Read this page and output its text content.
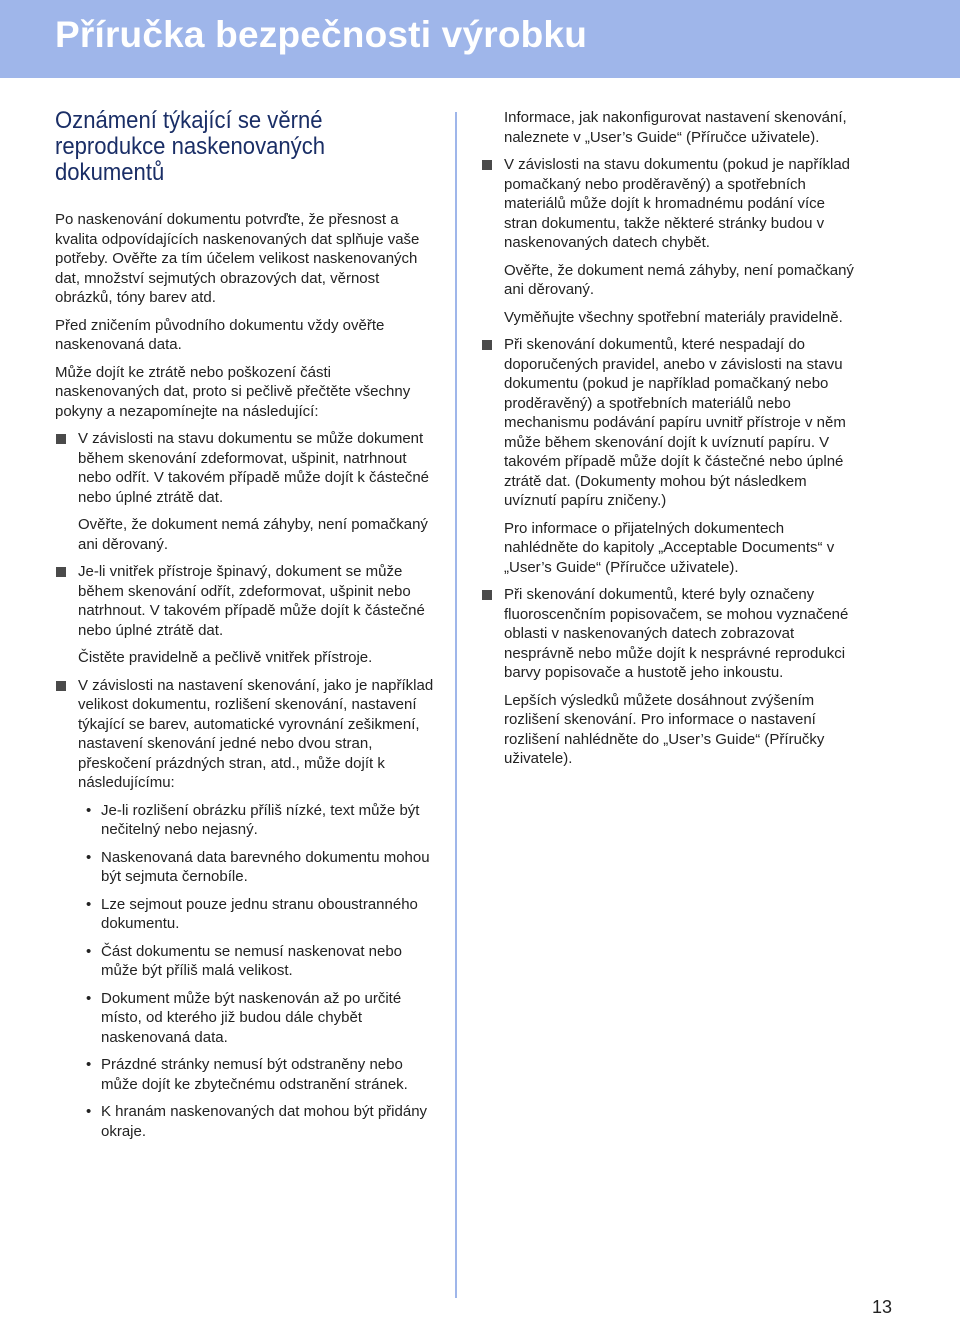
Příručka bezpečnosti výrobku
Oznámení týkající se věrné reprodukce naskenovaných dokumentů

Po naskenování dokumentu potvrďte, že přesnost a kvalita odpovídajících naskenovaných dat splňuje vaše potřeby. Ověřte za tím účelem velikost naskenovaných dat, množství sejmutých obrazových dat, věrnost obrázků, tóny barev atd.

Před zničením původního dokumentu vždy ověřte naskenovaná data.

Může dojít ke ztrátě nebo poškození části naskenovaných dat, proto si pečlivě přečtěte všechny pokyny a nezapomínejte na následující:

V závislosti na stavu dokumentu se může dokument během skenování zdeformovat, ušpinit, natrhnout nebo odřít. V takovém případě může dojít k částečné nebo úplné ztrátě dat.

Ověřte, že dokument nemá záhyby, není pomačkaný ani děrovaný.

Je-li vnitřek přístroje špinavý, dokument se může během skenování odřít, zdeformovat, ušpinit nebo natrhnout. V takovém případě může dojít k částečné nebo úplné ztrátě dat.

Čistěte pravidelně a pečlivě vnitřek přístroje.

V závislosti na nastavení skenování, jako je například velikost dokumentu, rozlišení skenování, nastavení týkající se barev, automatické vyrovnání zešikmení, nastavení skenování jedné nebo dvou stran, přeskočení prázdných stran, atd., může dojít k následujícímu:
• Je-li rozlišení obrázku příliš nízké, text může být nečitelný nebo nejasný.
• Naskenovaná data barevného dokumentu mohou být sejmuta černobíle.
• Lze sejmout pouze jednu stranu oboustranného dokumentu.
• Část dokumentu se nemusí naskenovat nebo může být příliš malá velikost.
• Dokument může být naskenován až po určité místo, od kterého již budou dále chybět naskenovaná data.
• Prázdné stránky nemusí být odstraněny nebo může dojít ke zbytečnému odstranění stránek.
• K hranám naskenovaných dat mohou být přidány okraje.

Informace, jak nakonfigurovat nastavení skenování, naleznete v „User’s Guide“ (Příručce uživatele).

V závislosti na stavu dokumentu (pokud je například pomačkaný nebo proděravěný) a spotřebních materiálů může dojít k hromadnému podání více stran dokumentu, takže některé stránky budou v naskenovaných datech chybět.

Ověřte, že dokument nemá záhyby, není pomačkaný ani děrovaný.

Vyměňujte všechny spotřební materiály pravidelně.

Při skenování dokumentů, které nespadají do doporučených pravidel, anebo v závislosti na stavu dokumentu (pokud je například pomačkaný nebo proděravěný) a spotřebních materiálů nebo mechanismu podávání papíru uvnitř přístroje v něm může během skenování dojít k uvíznutí papíru. V takovém případě může dojít k částečné nebo úplné ztrátě dat. (Dokumenty mohou být následkem uvíznutí papíru zničeny.)

Pro informace o přijatelných dokumentech nahlédněte do kapitoly „Acceptable Documents“ v „User’s Guide“ (Příručce uživatele).

Při skenování dokumentů, které byly označeny fluoroscenčním popisovačem, se mohou vyznačené oblasti v naskenovaných datech zobrazovat nesprávně nebo může dojít k nesprávné reprodukci barvy popisovače a hustotě jeho inkoustu.

Lepších výsledků můžete dosáhnout zvýšením rozlišení skenování. Pro informace o nastavení rozlišení nahlédněte do „User’s Guide“ (Příručky uživatele).

13
